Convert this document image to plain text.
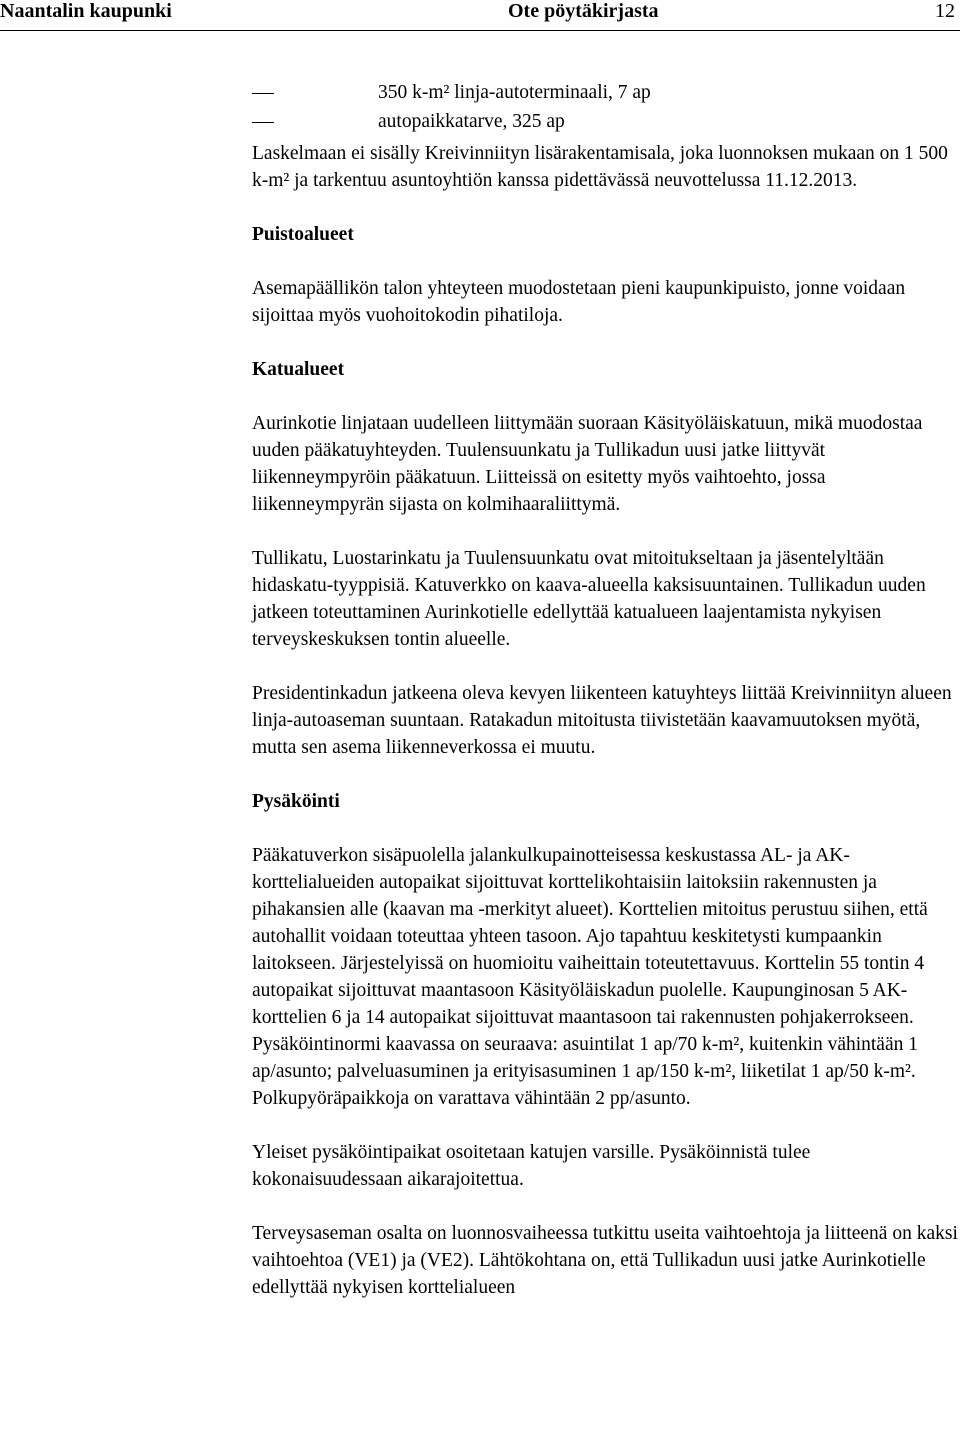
Naantalin kaupunki	Ote pöytäkirjasta	12
350 k-m² linja-autoterminaali, 7 ap
autopaikkatarve, 325 ap

Laskelmaan ei sisälly Kreivinniityn lisärakentamisala, joka luonnoksen mukaan on 1 500 k-m² ja tarkentuu asuntoyhtiön kanssa pidettävässä neuvottelussa 11.12.2013.

Puistoalueet

Asemapäällikön talon yhteyteen muodostetaan pieni kaupunkipuisto, jonne voidaan sijoittaa myös vuohoitokodin pihatiloja.

Katualueet

Aurinkotie linjataan uudelleen liittymään suoraan Käsityöläiskatuun, mikä muodostaa uuden pääkatuyhteyden. Tuulensuunkatu ja Tullikadun uusi jatke liittyvät liikenneympyröin pääkatuun. Liitteissä on esitetty myös vaihtoehto, jossa liikenneympyrän sijasta on kolmihaaraliittymä.

Tullikatu, Luostarinkatu ja Tuulensuunkatu ovat mitoitukseltaan ja jäsentelyltään hidaskatu-tyyppisiä. Katuverkko on kaava-alueella kaksisuuntainen. Tullikadun uuden jatkeen toteuttaminen Aurinkotielle edellyttää katualueen laajentamista nykyisen terveyskeskuksen tontin alueelle.

Presidentinkadun jatkeena oleva kevyen liikenteen katuyhteys liittää Kreivinniityn alueen linja-autoaseman suuntaan. Ratakadun mitoitusta tiivistetään kaavamuutoksen myötä, mutta sen asema liikenneverkossa ei muutu.

Pysäköinti

Pääkatuverkon sisäpuolella jalankulkupainotteisessa keskustassa AL- ja AK-korttelialueiden autopaikat sijoittuvat korttelikohtaisiin laitoksiin rakennusten ja pihakansien alle (kaavan ma -merkityt alueet). Korttelien mitoitus perustuu siihen, että autohallit voidaan toteuttaa yhteen tasoon. Ajo tapahtuu keskitetysti kumpaankin laitokseen. Järjestelyissä on huomioitu vaiheittain toteutettavuus. Korttelin 55 tontin 4 autopaikat sijoittuvat maantasoon Käsityöläiskadun puolelle. Kaupunginosan 5 AK-korttelien 6 ja 14 autopaikat sijoittuvat maantasoon tai rakennusten pohjakerrokseen. Pysäköintinormi kaavassa on seuraava: asuintilat 1 ap/70 k-m², kuitenkin vähintään 1 ap/asunto; palveluasuminen ja erityisasuminen 1 ap/150 k-m², liiketilat 1 ap/50 k-m². Polkupyöräpaikkoja on varattava vähintään 2 pp/asunto.

Yleiset pysäköintipaikat osoitetaan katujen varsille. Pysäköinnistä tulee kokonaisuudessaan aikarajoitettua.

Terveysaseman osalta on luonnosvaiheessa tutkittu useita vaihtoehtoja ja liitteenä on kaksi vaihtoehtoa (VE1) ja (VE2). Lähtökohtana on, että Tullikadun uusi jatke Aurinkotielle edellyttää nykyisen korttelialueen
